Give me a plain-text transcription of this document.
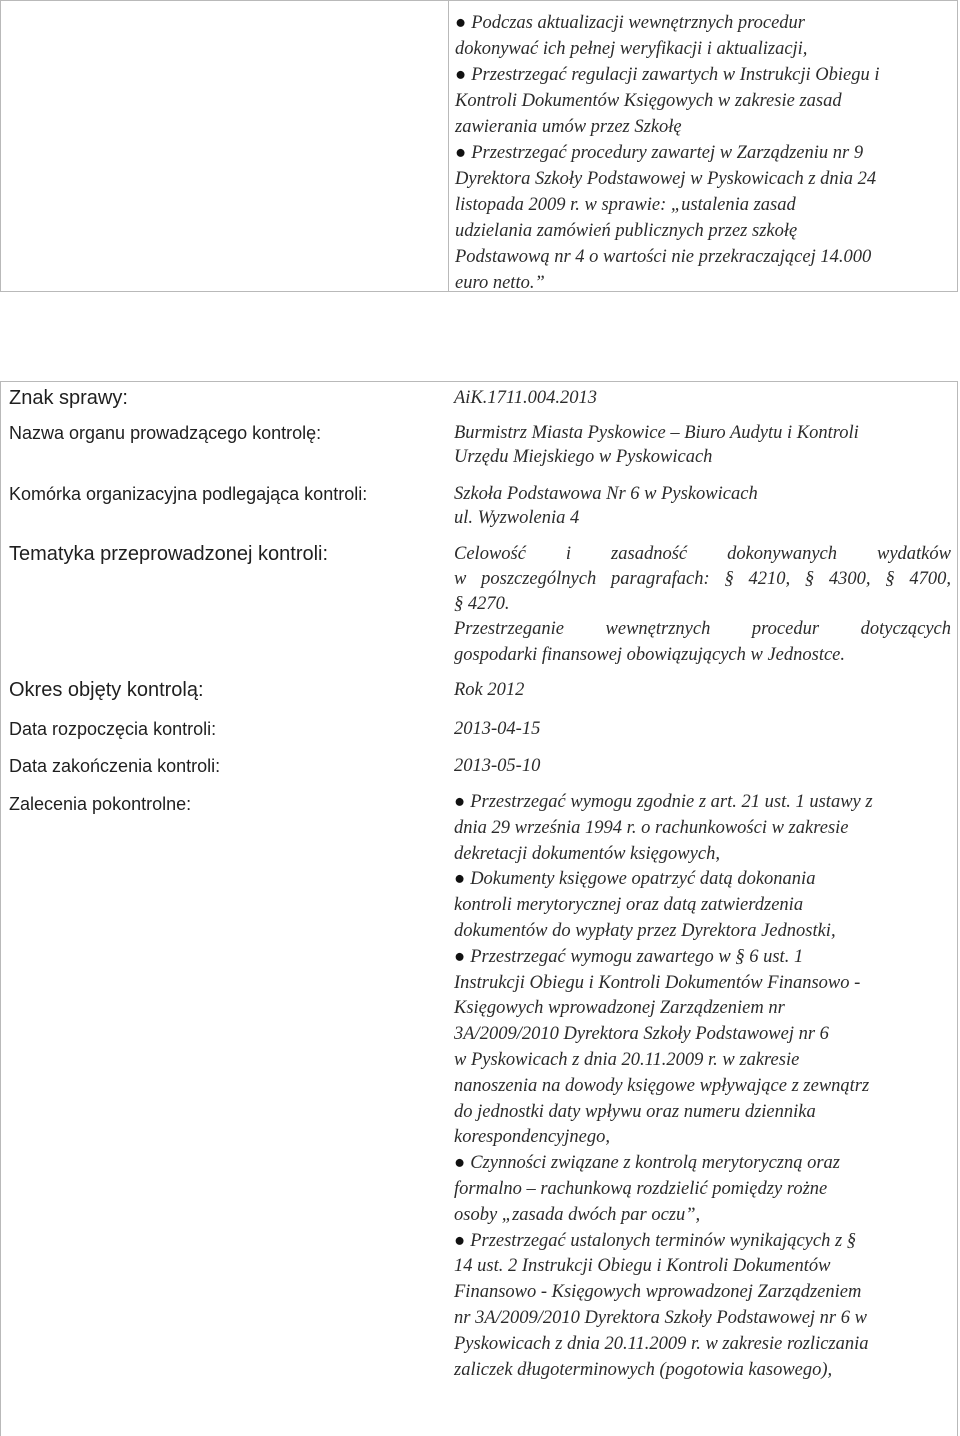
● Podczas aktualizacji wewnętrznych procedur
dokonywać ich pełnej weryfikacji i aktualizacji,
● Przestrzegać regulacji zawartych w Instrukcji Obiegu i
Kontroli Dokumentów Księgowych w zakresie zasad
zawierania umów przez Szkołę
● Przestrzegać procedury zawartej w Zarządzeniu nr 9
Dyrektora Szkoły Podstawowej w Pyskowicach z dnia 24
listopada 2009 r. w sprawie: „ustalenia zasad
udzielania zamówień publicznych przez szkołę
Podstawową nr 4 o wartości nie przekraczającej 14.000
euro netto.”
Znak sprawy:	AiK.1711.004.2013
Nazwa organu prowadzącego kontrolę:	Burmistrz Miasta Pyskowice – Biuro Audytu i Kontroli
Urzędu Miejskiego w Pyskowicach
Komórka organizacyjna podlegająca kontroli:	Szkoła Podstawowa Nr 6 w Pyskowicach
ul. Wyzwolenia 4
Tematyka przeprowadzonej kontroli:	Celowość i zasadność dokonywanych wydatków
w poszczególnych paragrafach: § 4210, § 4300, § 4700,
§ 4270.
Przestrzeganie wewnętrznych procedur dotyczących
gospodarki finansowej obowiązujących w Jednostce.
Okres objęty kontrolą:	Rok 2012
Data rozpoczęcia kontroli:	2013-04-15
Data zakończenia kontroli:	2013-05-10
Zalecenia pokontrolne:	● Przestrzegać wymogu zgodnie z art. 21 ust. 1 ustawy z
dnia 29 września 1994 r. o rachunkowości w zakresie
dekretacji dokumentów księgowych,
● Dokumenty księgowe opatrzyć datą dokonania
kontroli merytorycznej oraz datą zatwierdzenia
dokumentów do wypłaty przez Dyrektora Jednostki,
● Przestrzegać wymogu zawartego w § 6 ust. 1
Instrukcji Obiegu i Kontroli Dokumentów Finansowo -
Księgowych wprowadzonej Zarządzeniem nr
3A/2009/2010 Dyrektora Szkoły Podstawowej nr 6
w Pyskowicach z dnia 20.11.2009 r. w zakresie
nanoszenia na dowody księgowe wpływające z zewnątrz
do jednostki daty wpływu oraz numeru dziennika
korespondencyjnego,
● Czynności związane z kontrolą merytoryczną oraz
formalno – rachunkową rozdzielić pomiędzy rożne
osoby „zasada dwóch par oczu”,
● Przestrzegać ustalonych terminów wynikających z §
14 ust. 2 Instrukcji Obiegu i Kontroli Dokumentów
Finansowo - Księgowych wprowadzonej Zarządzeniem
nr 3A/2009/2010 Dyrektora Szkoły Podstawowej nr 6 w
Pyskowicach z dnia 20.11.2009 r. w zakresie rozliczania
zaliczek długoterminowych (pogotowia kasowego),
